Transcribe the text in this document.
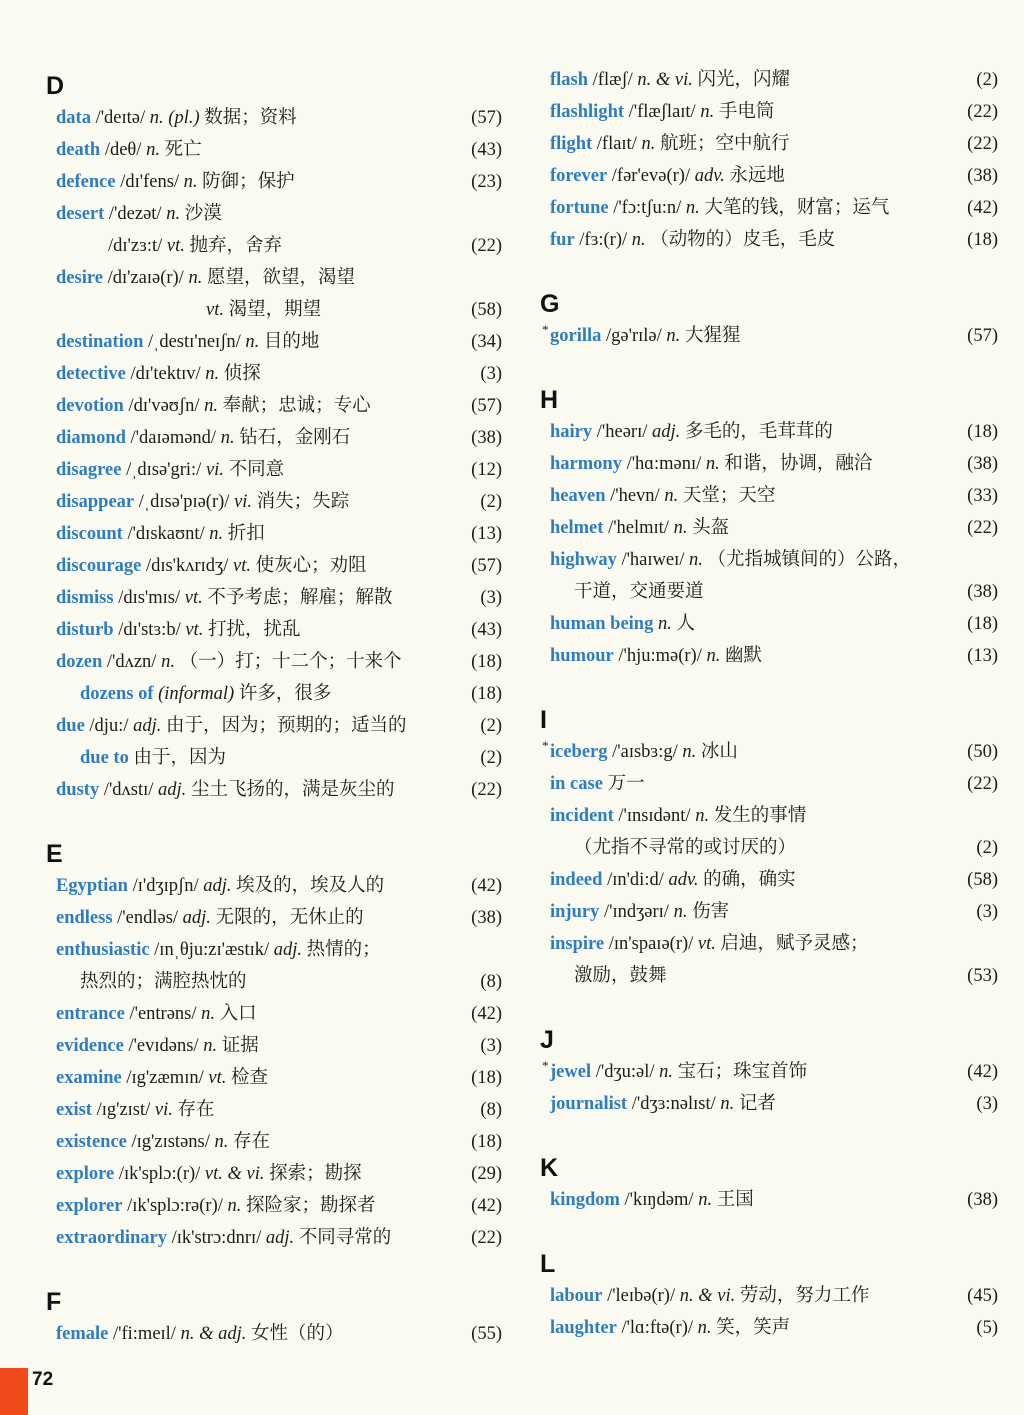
D
data /'deɪtə/ n. (pl.) 数据；资料	(57)
death /deθ/ n. 死亡	(43)
defence /dɪ'fens/ n. 防御；保护	(23)
desert /'dezət/ n. 沙漠
/dɪ'zɜ:t/ vt. 抛弃，舍弃	(22)
desire /dɪ'zaɪə(r)/ n. 愿望，欲望，渴望
vt. 渴望，期望	(58)
destination /ˌdestɪ'neɪʃn/ n. 目的地	(34)
detective /dɪ'tektɪv/ n. 侦探	(3)
devotion /dɪ'vəʊʃn/ n. 奉献；忠诚；专心	(57)
diamond /'daɪəmənd/ n. 钻石，金刚石	(38)
disagree /ˌdɪsə'gri:/ vi. 不同意	(12)
disappear /ˌdɪsə'pɪə(r)/ vi. 消失；失踪	(2)
discount /'dɪskaʊnt/ n. 折扣	(13)
discourage /dɪs'kʌrɪdʒ/ vt. 使灰心；劝阻	(57)
dismiss /dɪs'mɪs/ vt. 不予考虑；解雇；解散	(3)
disturb /dɪ'stɜ:b/ vt. 打扰，扰乱	(43)
dozen /'dʌzn/ n. （一）打；十二个；十来个	(18)
dozens of (informal) 许多，很多	(18)
due /dju:/ adj. 由于，因为；预期的；适当的	(2)
due to 由于，因为	(2)
dusty /'dʌstɪ/ adj. 尘土飞扬的，满是灰尘的	(22)
E
Egyptian /ɪ'dʒɪpʃn/ adj. 埃及的，埃及人的	(42)
endless /'endləs/ adj. 无限的，无休止的	(38)
enthusiastic /ɪnˌθju:zɪ'æstɪk/ adj. 热情的；
热烈的；满腔热忱的	(8)
entrance /'entrəns/ n. 入口	(42)
evidence /'evɪdəns/ n. 证据	(3)
examine /ɪg'zæmɪn/ vt. 检查	(18)
exist /ɪg'zɪst/ vi. 存在	(8)
existence /ɪg'zɪstəns/ n. 存在	(18)
explore /ɪk'splɔ:(r)/ vt. & vi. 探索；勘探	(29)
explorer /ɪk'splɔ:rə(r)/ n. 探险家；勘探者	(42)
extraordinary /ɪk'strɔ:dnrɪ/ adj. 不同寻常的	(22)
F
female /'fi:meɪl/ n. & adj. 女性（的）	(55)
flash /flæʃ/ n. & vi. 闪光，闪耀	(2)
flashlight /'flæʃlaɪt/ n. 手电筒	(22)
flight /flaɪt/ n. 航班；空中航行	(22)
forever /fər'evə(r)/ adv. 永远地	(38)
fortune /'fɔ:tʃu:n/ n. 大笔的钱，财富；运气	(42)
fur /fɜ:(r)/ n. （动物的）皮毛，毛皮	(18)
G
* gorilla /gə'rɪlə/ n. 大猩猩	(57)
H
hairy /'heərɪ/ adj. 多毛的，毛茸茸的	(18)
harmony /'hɑ:mənɪ/ n. 和谐，协调，融洽	(38)
heaven /'hevn/ n. 天堂；天空	(33)
helmet /'helmɪt/ n. 头盔	(22)
highway /'haɪweɪ/ n. （尤指城镇间的）公路，
干道，交通要道	(38)
human being n. 人	(18)
humour /'hju:mə(r)/ n. 幽默	(13)
I
* iceberg /'aɪsbɜ:g/ n. 冰山	(50)
in case 万一	(22)
incident /'ɪnsɪdənt/ n. 发生的事情
（尤指不寻常的或讨厌的）	(2)
indeed /ɪn'di:d/ adv. 的确，确实	(58)
injury /'ɪndʒərɪ/ n. 伤害	(3)
inspire /ɪn'spaɪə(r)/ vt. 启迪，赋予灵感；
激励，鼓舞	(53)
J
* jewel /'dʒu:əl/ n. 宝石；珠宝首饰	(42)
journalist /'dʒɜ:nəlɪst/ n. 记者	(3)
K
kingdom /'kɪŋdəm/ n. 王国	(38)
L
labour /'leɪbə(r)/ n. & vi. 劳动，努力工作	(45)
laughter /'lɑ:ftə(r)/ n. 笑，笑声	(5)
72
